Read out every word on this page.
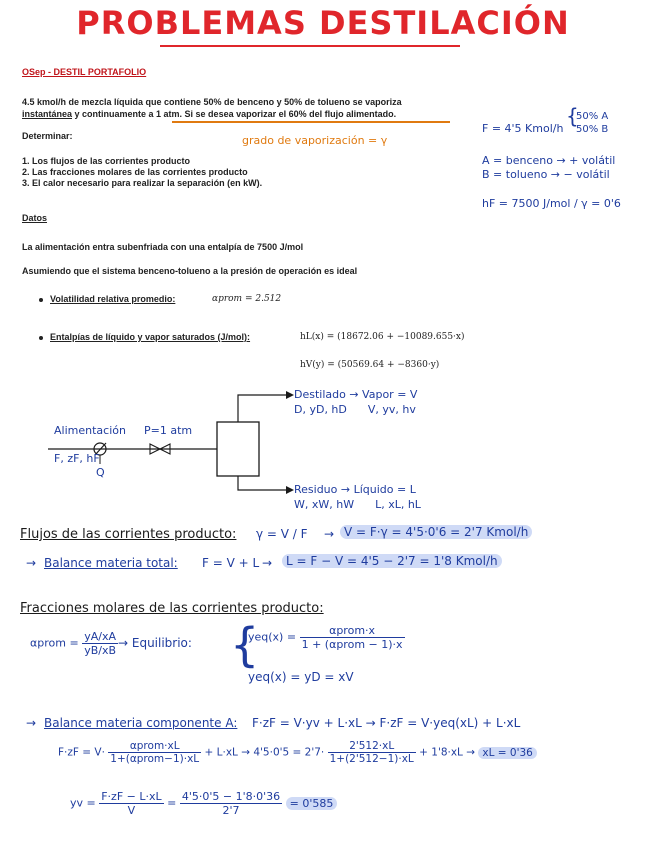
PROBLEMAS DESTILACIÓN
OSep - DESTIL PORTAFOLIO
4.5 kmol/h de mezcla líquida que contiene 50% de benceno y 50% de tolueno se vaporiza
instantánea y continuamente a 1 atm. Si se desea vaporizar el 60% del flujo alimentado.
Determinar:	grado de vaporización = γ
1. Los flujos de las corrientes producto
2. Las fracciones molares de las corrientes producto
3. El calor necesario para realizar la separación (en kW).
F = 4'5 Kmol/h
{
50% A
50% B
A = benceno → + volátil
B = tolueno → − volátil
hF = 7500 J/mol / γ = 0'6
Datos
La alimentación entra subenfriada con una entalpía de 7500 J/mol
Asumiendo que el sistema benceno-tolueno a la presión de operación es ideal
Volatilidad relativa promedio:	αprom = 2.512
Entalpías de líquido y vapor saturados (J/mol):	hL(x) = (18672.06 + −10089.655·x)
hV(y) = (50569.64 + −8360·y)
Alimentación
F, zF, hF
P=1 atm
Q
Destilado → Vapor = V
D, yD, hD      V, yv, hv
Residuo → Líquido = L
W, xW, hW      L, xL, hL
Flujos de las corrientes producto: γ = V / F → V = F·γ = 4'5·0'6 = 2'7 Kmol/h
→ Balance materia total: F = V + L →	L = F − V = 4'5 − 2'7 = 1'8 Kmol/h
Fracciones molares de las corrientes producto:
αprom = $\frac{yA/xA}{yB/xB}$ → Equilibrio: {
$yeq(x) = \frac{\text{αprom·x}}{\text{1 + (αprom − 1)·x}}$
yeq(x) = yD = xV
→ Balance materia componente A: F·zF = V·yv + L·xL → F·zF = V·yeq(xL) + L·xL
$F\cdot zF = V\cdot \frac{\text{αprom·xL}}{\text{1+(αprom−1)·xL}} + L\cdot xL \to 4'5\cdot 0'5 = 2'7\cdot \frac{2'512\cdot xL}{1+(2'512-1)\cdot xL} + 1'8\cdot xL$ → xL = 0'36
yv = $\frac{F\cdot zF - L\cdot xL}{V} = \frac{4'5\cdot 0'5 - 1'8\cdot 0'36}{2'7} = 0'585$
